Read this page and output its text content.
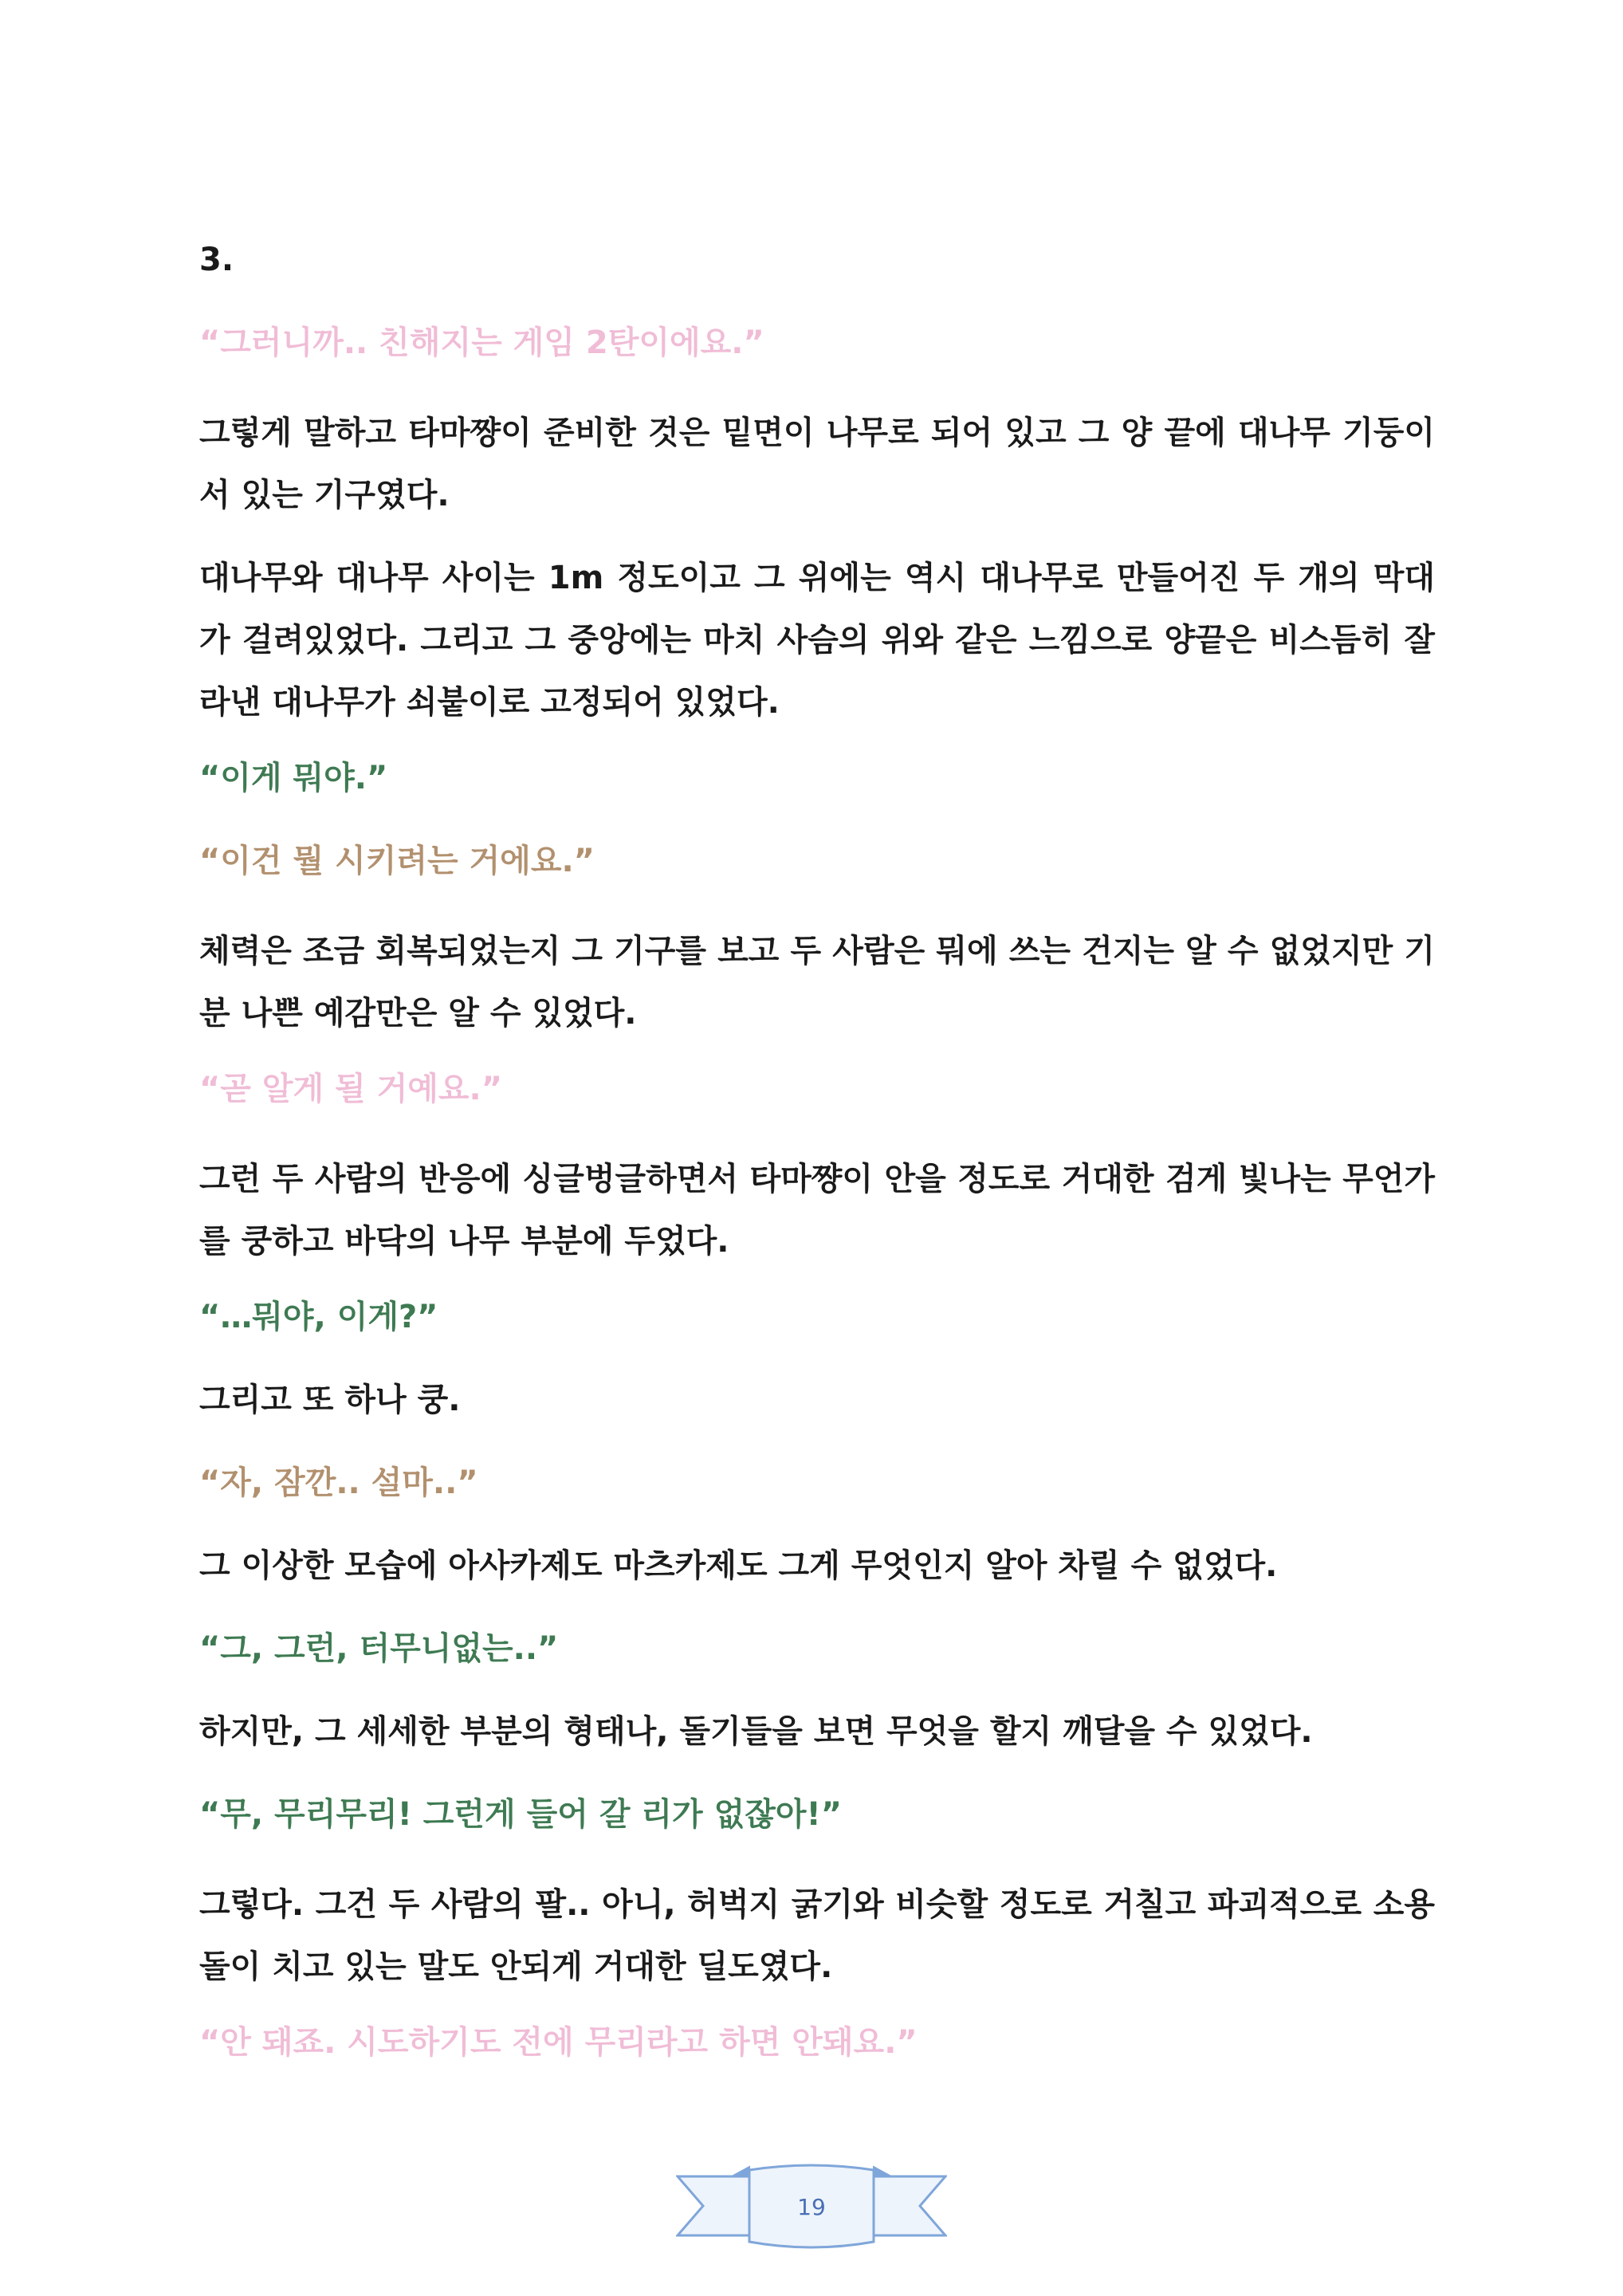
3.

“그러니까.. 친해지는 게임 2탄이에요.”

그렇게 말하고 타마쨩이 준비한 것은 밑면이 나무로 되어 있고 그 양 끝에 대나무 기둥이 서 있는 기구였다.

대나무와 대나무 사이는 1m 정도이고 그 위에는 역시 대나무로 만들어진 두 개의 막대가 걸려있었다. 그리고 그 중앙에는 마치 사슴의 위와 같은 느낌으로 양끝은 비스듬히 잘라낸 대나무가 쇠붙이로 고정되어 있었다.

“이게 뭐야.”

“이건 뭘 시키려는 거에요.”

체력은 조금 회복되었는지 그 기구를 보고 두 사람은 뭐에 쓰는 건지는 알 수 없었지만 기분 나쁜 예감만은 알 수 있었다.

“곧 알게 될 거예요.”

그런 두 사람의 반응에 싱글벙글하면서 타마쨩이 안을 정도로 거대한 검게 빛나는 무언가를 쿵하고 바닥의 나무 부분에 두었다.

“…뭐야, 이게?”

그리고 또 하나 쿵.

“자, 잠깐.. 설마..”

그 이상한 모습에 아사카제도 마츠카제도 그게 무엇인지 알아 차릴 수 없었다.

“그, 그런, 터무니없는..”

하지만, 그 세세한 부분의 형태나, 돌기들을 보면 무엇을 할지 깨달을 수 있었다.

“무, 무리무리! 그런게 들어 갈 리가 없잖아!”

그렇다. 그건 두 사람의 팔.. 아니, 허벅지 굵기와 비슷할 정도로 거칠고 파괴적으로 소용돌이 치고 있는 말도 안되게 거대한 딜도였다.

“안 돼죠. 시도하기도 전에 무리라고 하면 안돼요.”

19
